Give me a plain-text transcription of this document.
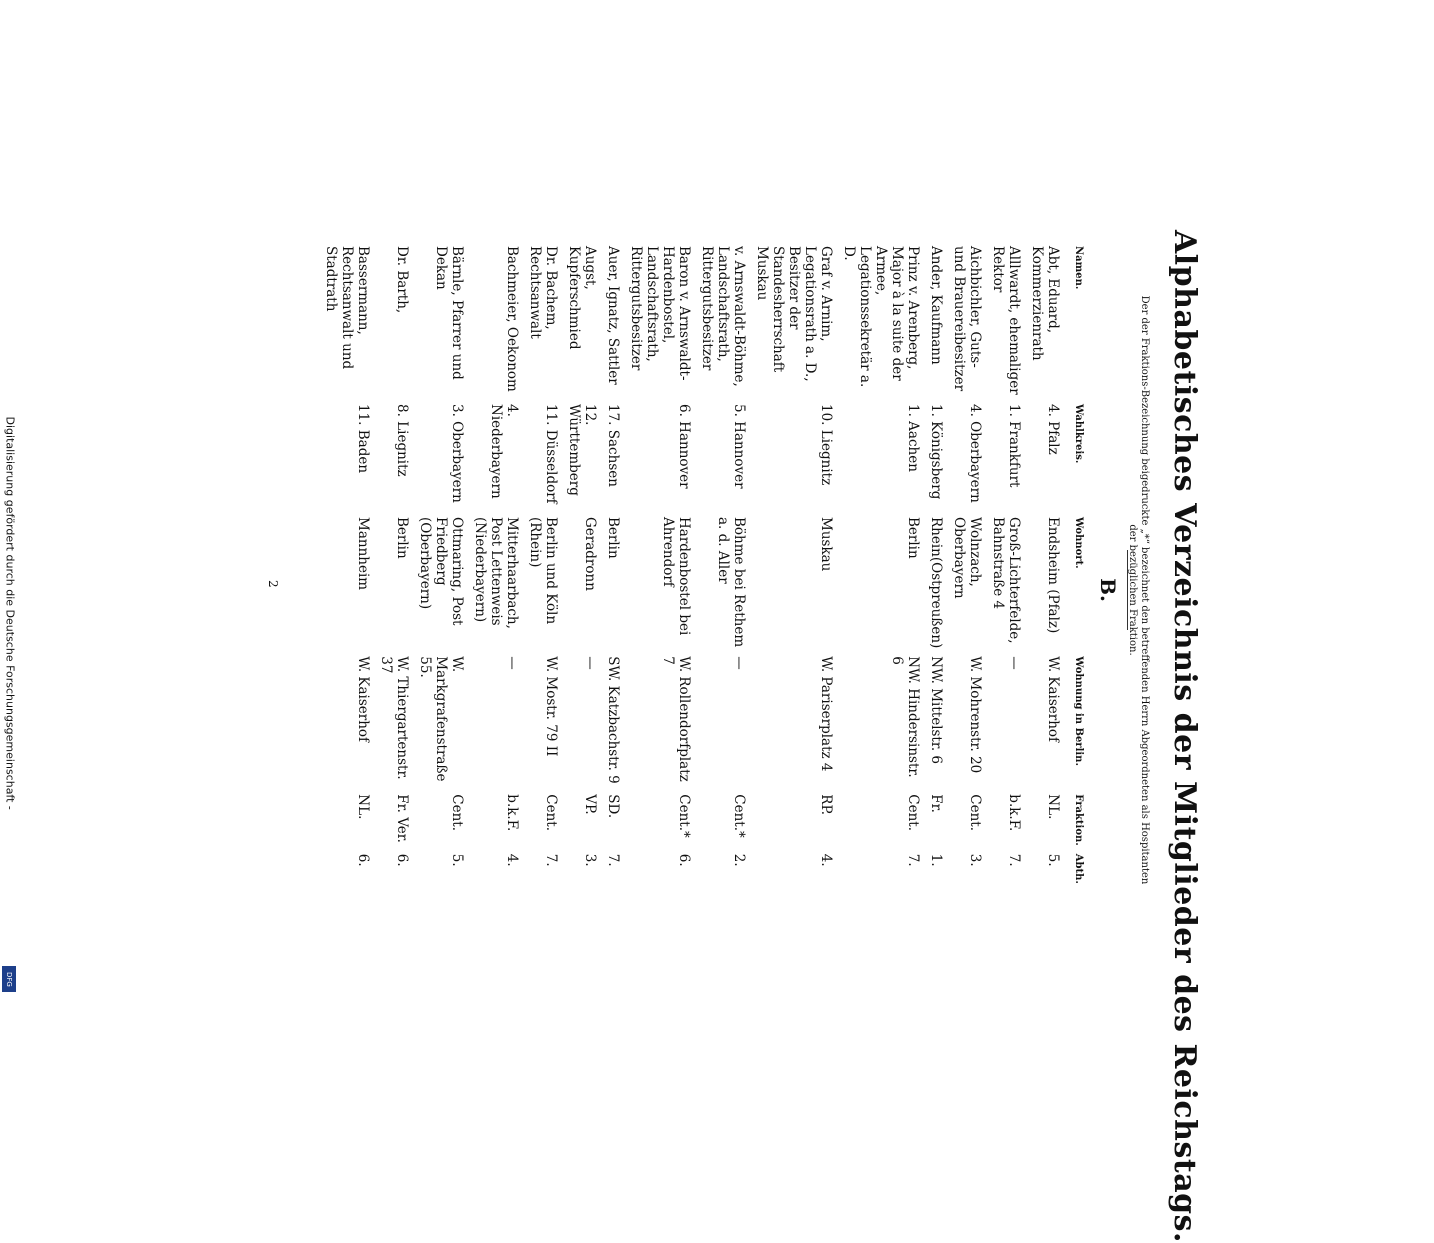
Digitalisierung gefördert durch die Deutsche Forschungsgemeinschaft -
DFG	Alphabetisches Verzeichnis der Mitglieder des Reichstags.
Der der Fraktions-Bezeichnung beigedruckte „*“ bezeichnet den betreffenden Herrn Abgeordneten als Hospitanten der bezüglichen Fraktion.
B.
Namen.	Wahlkreis.	Wohnort.	Wohnung in Berlin.	Fraktion.	Abth.
Abt, Eduard, Kommerzienrath	4. Pfalz	Endsheim (Pfalz)	W. Kaiserhof	NL.	5.
Alllwardt, ehemaliger Rektor	1. Frankfurt	Groß-Lichterfelde, Bahnstraße 4	—	b.k.F.	7.
Aichbichler, Guts- und Brauereibesitzer	4. Oberbayern	Wolnzach, Oberbayern	W. Mohrenstr. 20	Cent.	3.
Ander, Kaufmann	1. Königsberg	Rhein(Ostpreußen)	NW. Mittelstr. 6	Fr.	1.
Prinz v. Arenberg, Major à la suite der Armee, Legationssekretär a. D.	1. Aachen	Berlin	NW. Hindersinstr. 6	Cent.	7.
Graf v. Arnim, Legationsrath a. D., Besitzer der Standesherrschaft Muskau	10. Liegnitz	Muskau	W. Pariserplatz 4	RP.	4.
v. Arnswaldt-Böhme, Landschaftsrath, Rittergutsbesitzer	5. Hannover	Böhme bei Rethem a. d. Aller	—	Cent.*	2.
Baron v. Arnswaldt-Hardenbostel, Landschaftsrath, Rittergutsbesitzer	6. Hannover	Hardenbostel bei Ahrendorf	W. Rollendorfplatz 7	Cent.*	6.
Auer, Ignatz, Sattler	17. Sachsen	Berlin	SW. Katzbachstr. 9	SD.	7.
Augst, Kupferschmied	12. Württemberg	Geradronn	—	VP.	3.
Dr. Bachem, Rechtsanwalt	11. Düsseldorf	Berlin und Köln (Rhein)	W. Mostr. 79 II	Cent.	7.
Bachmeier, Oekonom	4. Niederbayern	Mitterhaarbach, Post Lettenweis (Niederbayern)	—	b.k.F.	4.
Bärnle, Pfarrer und Dekan	3. Oberbayern	Ottmaring, Post Friedberg (Oberbayern)	W. Markgrafenstraße 55.	Cent.	5.
Dr. Barth,	8. Liegnitz	Berlin	W. Thiergartenstr. 37	Fr. Ver.	6.
Bassermann, Rechtsanwalt und Stadtrath	11. Baden	Mannheim	W. Kaiserhof	NL.	6.
2
